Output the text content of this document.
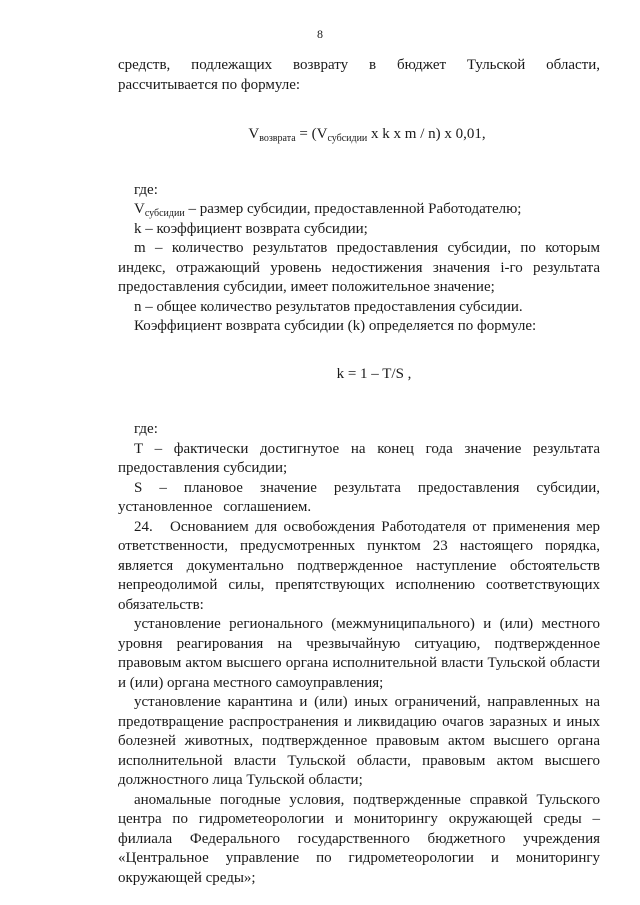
8

средств, подлежащих возврату в бюджет Тульской области, рассчитывается по формуле:

$V_{возврата} = (V_{субсидии}$ x k x m / n) x 0,01,

где:

$V_{субсидии}$ – размер субсидии, предоставленной Работодателю;

k – коэффициент возврата субсидии;

m – количество результатов предоставления субсидии, по которым индекс, отражающий уровень недостижения значения i-го результата предоставления субсидии, имеет положительное значение;

n – общее количество результатов предоставления субсидии.

Коэффициент возврата субсидии (k) определяется по формуле:

k = 1 – T/S ,

где:

T – фактически достигнутое на конец года значение результата предоставления субсидии;

S – плановое значение результата предоставления субсидии, установленное соглашением.

24. Основанием для освобождения Работодателя от применения мер ответственности, предусмотренных пунктом 23 настоящего порядка, является документально подтвержденное наступление обстоятельств непреодолимой силы, препятствующих исполнению соответствующих обязательств:

установление регионального (межмуниципального) и (или) местного уровня реагирования на чрезвычайную ситуацию, подтвержденное правовым актом высшего органа исполнительной власти Тульской области и (или) органа местного самоуправления;

установление карантина и (или) иных ограничений, направленных на предотвращение распространения и ликвидацию очагов заразных и иных болезней животных, подтвержденное правовым актом высшего органа исполнительной власти Тульской области, правовым актом высшего должностного лица Тульской области;

аномальные погодные условия, подтвержденные справкой Тульского центра по гидрометеорологии и мониторингу окружающей среды – филиала Федерального государственного бюджетного учреждения «Центральное управление по гидрометеорологии и мониторингу окружающей среды»;
